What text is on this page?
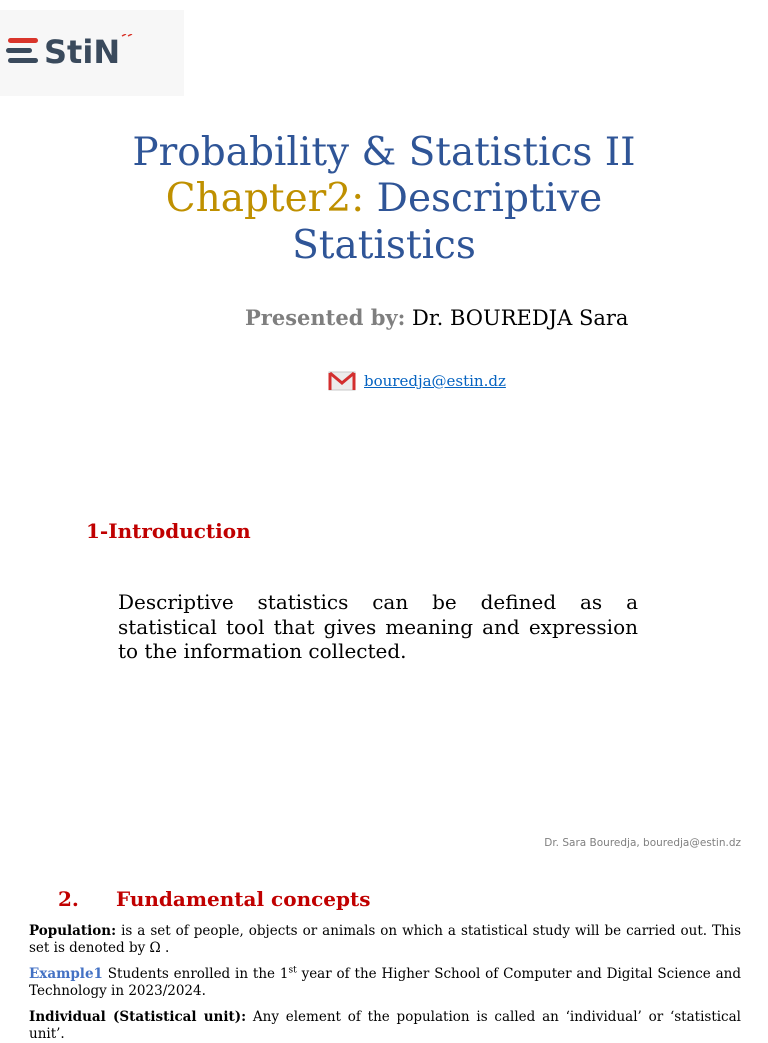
StiN
Probability & Statistics II
Chapter2: Descriptive
Statistics
Presented by: Dr. BOUREDJA Sara
bouredja@estin.dz
1-Introduction
Descriptive statistics can be defined as a statistical tool that gives meaning and expression to the information collected.
Dr. Sara Bouredja, bouredja@estin.dz
2. Fundamental concepts
Population: is a set of people, objects or animals on which a statistical study will be carried out. This set is denoted by Ω .
Example1 Students enrolled in the 1st year of the Higher School of Computer and Digital Science and Technology in 2023/2024.
Individual (Statistical unit): Any element of the population is called an ‘individual’ or ‘statistical unit’.
